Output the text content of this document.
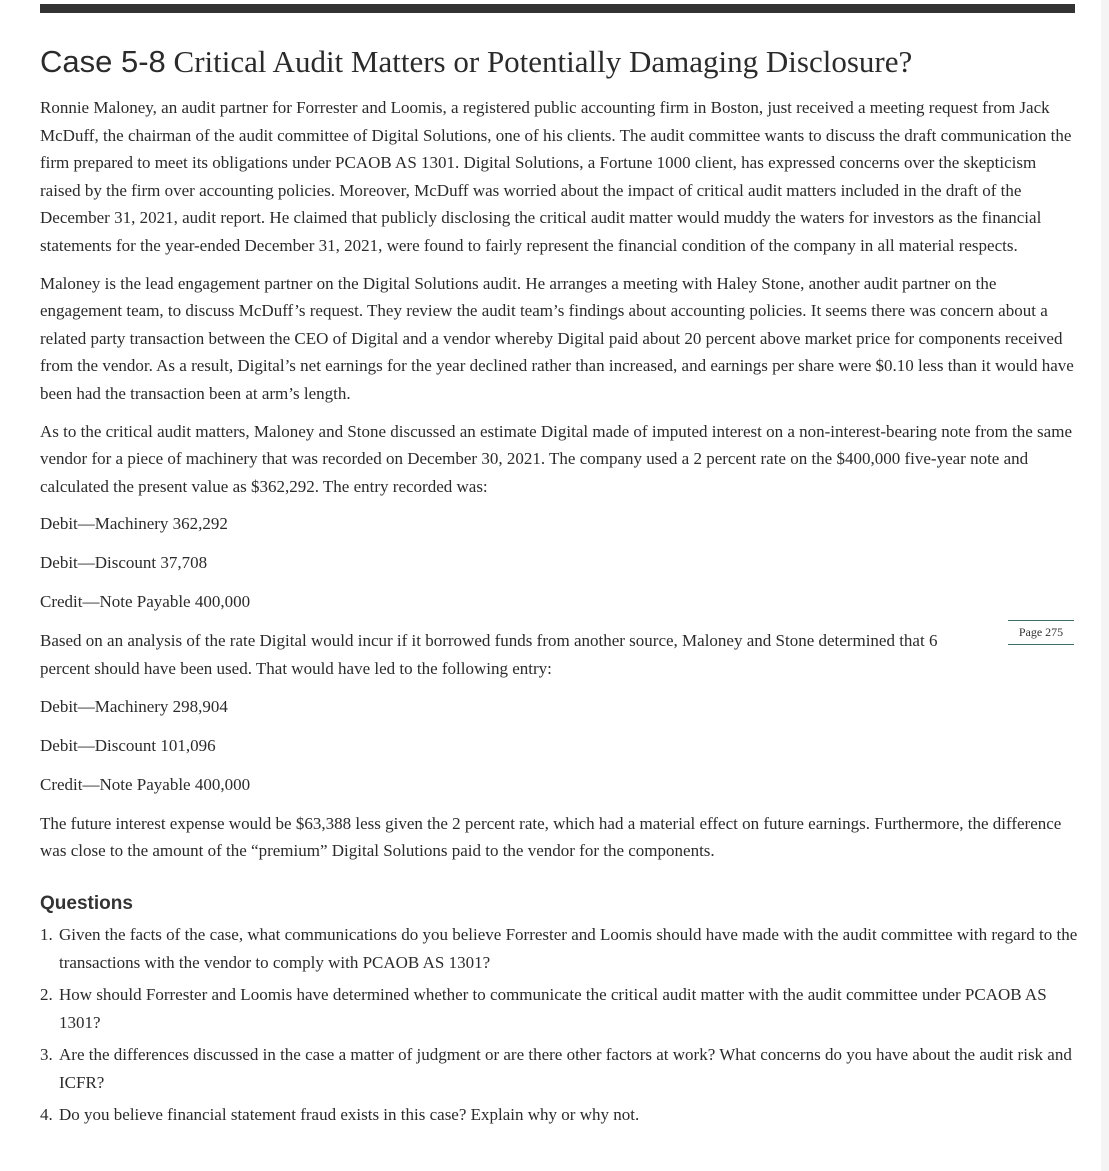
Case 5-8 Critical Audit Matters or Potentially Damaging Disclosure?

Ronnie Maloney, an audit partner for Forrester and Loomis, a registered public accounting firm in Boston, just received a meeting request from Jack McDuff, the chairman of the audit committee of Digital Solutions, one of his clients. The audit committee wants to discuss the draft communication the firm prepared to meet its obligations under PCAOB AS 1301. Digital Solutions, a Fortune 1000 client, has expressed concerns over the skepticism raised by the firm over accounting policies. Moreover, McDuff was worried about the impact of critical audit matters included in the draft of the December 31, 2021, audit report. He claimed that publicly disclosing the critical audit matter would muddy the waters for investors as the financial statements for the year-ended December 31, 2021, were found to fairly represent the financial condition of the company in all material respects.

Maloney is the lead engagement partner on the Digital Solutions audit. He arranges a meeting with Haley Stone, another audit partner on the engagement team, to discuss McDuff’s request. They review the audit team’s findings about accounting policies. It seems there was concern about a related party transaction between the CEO of Digital and a vendor whereby Digital paid about 20 percent above market price for components received from the vendor. As a result, Digital’s net earnings for the year declined rather than increased, and earnings per share were $0.10 less than it would have been had the transaction been at arm’s length.

As to the critical audit matters, Maloney and Stone discussed an estimate Digital made of imputed interest on a non-interest-bearing note from the same vendor for a piece of machinery that was recorded on December 30, 2021. The company used a 2 percent rate on the $400,000 five-year note and calculated the present value as $362,292. The entry recorded was:

Debit—Machinery 362,292

Debit—Discount 37,708

Credit—Note Payable 400,000

Page 275

Based on an analysis of the rate Digital would incur if it borrowed funds from another source, Maloney and Stone determined that 6 percent should have been used. That would have led to the following entry:

Debit—Machinery 298,904

Debit—Discount 101,096

Credit—Note Payable 400,000

The future interest expense would be $63,388 less given the 2 percent rate, which had a material effect on future earnings. Furthermore, the difference was close to the amount of the “premium” Digital Solutions paid to the vendor for the components.

Questions
1. Given the facts of the case, what communications do you believe Forrester and Loomis should have made with the audit committee with regard to the transactions with the vendor to comply with PCAOB AS 1301?
2. How should Forrester and Loomis have determined whether to communicate the critical audit matter with the audit committee under PCAOB AS 1301?
3. Are the differences discussed in the case a matter of judgment or are there other factors at work? What concerns do you have about the audit risk and ICFR?
4. Do you believe financial statement fraud exists in this case? Explain why or why not.
